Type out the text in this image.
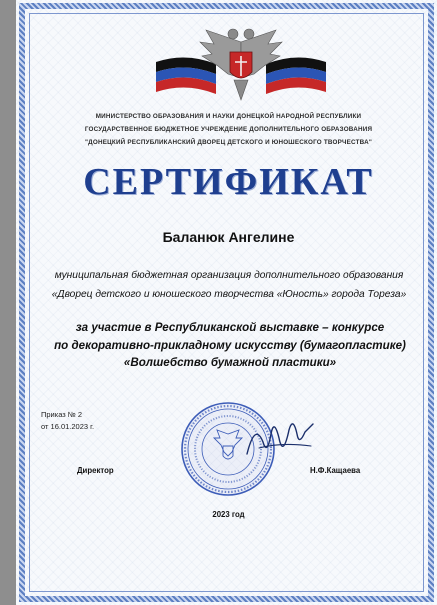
МИНИСТЕРСТВО ОБРАЗОВАНИЯ И НАУКИ ДОНЕЦКОЙ НАРОДНОЙ РЕСПУБЛИКИ
ГОСУДАРСТВЕННОЕ БЮДЖЕТНОЕ УЧРЕЖДЕНИЕ ДОПОЛНИТЕЛЬНОГО ОБРАЗОВАНИЯ
"ДОНЕЦКИЙ РЕСПУБЛИКАНСКИЙ ДВОРЕЦ ДЕТСКОГО И ЮНОШЕСКОГО ТВОРЧЕСТВА"
СЕРТИФИКАТ
Баланюк Ангелине
муниципальная бюджетная организация дополнительного образования
«Дворец детского и юношеского творчества «Юность» города Тореза»
за участие в Республиканской выставке – конкурсе
по декоративно-прикладному искусству (бумагопластике)
«Волшебство бумажной пластики»
Приказ № 2
от 16.01.2023 г.
Директор	Н.Ф.Кащаева
2023 год
